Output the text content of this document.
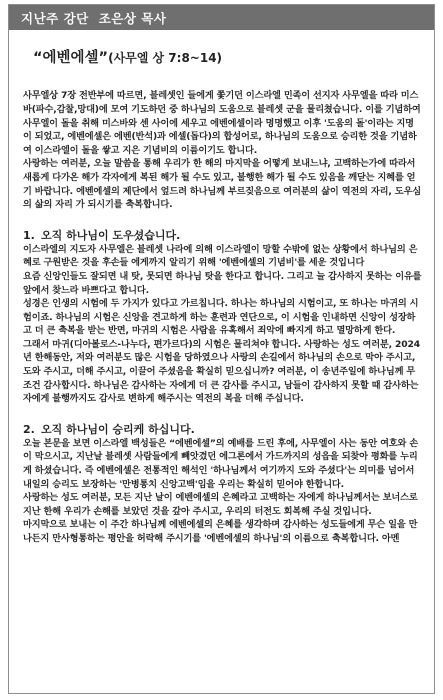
지난주 강단 조은상 목사
“에벤에셀”(사무엘 상 7:8~14)

사무엘상 7장 전반부에 따르면, 블레셋인 들에게 쫓기던 이스라엘 민족이 선지자 사무엘을 따라 미스바(파수,감찰,망대)에 모여 기도하던 중 하나님의 도움으로 블레셋 군을 물리쳤습니다. 이를 기념하여 사무엘이 돌을 취해 미스바와 센 사이에 세우고 에벤에셀이라 명명했고 이후 '도움의 돌'이라는 지명이 되었고, 에벤에셀은 에벤(반석)과 에셀(돕다)의 합성어로, 하나님의 도움으로 승리한 것을 기념하여 이스라엘이 돌을 쌓고 지은 기념비의 이름이기도 합니다.

사랑하는 여러분, 오늘 말씀을 통해 우리가 한 해의 마지막을 어떻게 보내느냐, 고백하는가에 따라서 새롭게 다가온 해가 각자에게 복된 해가 될 수도 있고, 불행한 해가 될 수도 있음을 깨닫는 지혜를 얻기 바랍니다. 에벤에셀의 제단에서 엎드려 하나님께 부르짖음으로 여러분의 삶이 역전의 자리, 도우심의 삶의 자리 가 되시기를 축복합니다.

1. 오직 하나님이 도우셨습니다.

이스라엘의 지도자 사무엘은 블레셋 나라에 의해 이스라엘이 망할 수밖에 없는 상황에서 하나님의 은혜로 구원받은 것을 후손들 에게까지 알리기 위해 '에벤에셀의 기념비'를 세운 것입니다

요즘 신앙인들도 잘되면 내 탓, 못되면 하나님 탓을 한다고 합니다. 그리고 늘 감사하지 못하는 이유를 앞에서 찾느라 바쁘다고 합니다.

성경은 인생의 시험에 두 가지가 있다고 가르칩니다. 하나는 하나님의 시험이고, 또 하나는 마귀의 시험이죠. 하나님의 시험은 신앙을 견고하게 하는 훈련과 연단으로, 이 시험을 인내하면 신앙이 성장하고 더 큰 축복을 받는 반면, 마귀의 시험은 사람을 유혹해서 죄악에 빠지게 하고 멸망하게 한다.

그래서 마귀(디아볼로스-나누다, 편가르다)의 시험은 물리쳐야 합니다. 사랑하는 성도 여러분, 2024년 한해동안, 저와 여러분도 많은 시험을 당하였으나 사랑의 손길에서 하나님의 손으로 막아 주시고, 도와 주시고, 더해 주시고, 이끌어 주셨음을 확실히 믿으십니까? 여러분, 이 송년주일에 하나님께 무조건 감사합시다. 하나님은 감사하는 자에게 더 큰 감사를 주시고, 남들이 감사하지 못할 때 감사하는 자에게 불행까지도 감사로 변하게 해주시는 역전의 복을 더해 주십니다.

2. 오직 하나님이 승리케 하십니다.

오늘 본문을 보면 이스라엘 백성들은 “에벤에셀”의 예배를 드린 후에, 사무엘이 사는 동안 여호와 손이 막으시고, 지난날 블레셋 사람들에게 빼앗겼던 에그론에서 가드까지의 성읍을 되찾아 평화를 누리게 하셨습니다. 즉 에벤에셀은 전통적인 해석인 '하나님께서 여기까지 도와 주셨다'는 의미를 넘어서 내일의 승리도 보장하는 '만병통치 신앙고백'임을 우리는 확실히 믿어야 한합니다.

사랑하는 성도 여러분, 모든 지난 날이 에벤에셀의 은혜라고 고백하는 자에게 하나님께서는 보너스로 지난 한해 우리가 손해를 보았던 것을 갚아 주시고, 우리의 터전도 회복해 주실 것입니다.

마지막으로 보내는 이 주간 하나님께 에벤에셀의 은혜를 생각하며 감사하는 성도들에게 무슨 일을 만나든지 만사형통하는 평안을 허락해 주시기를 '에벤에셀의 하나님'의 이름으로 축복합니다. 아멘
